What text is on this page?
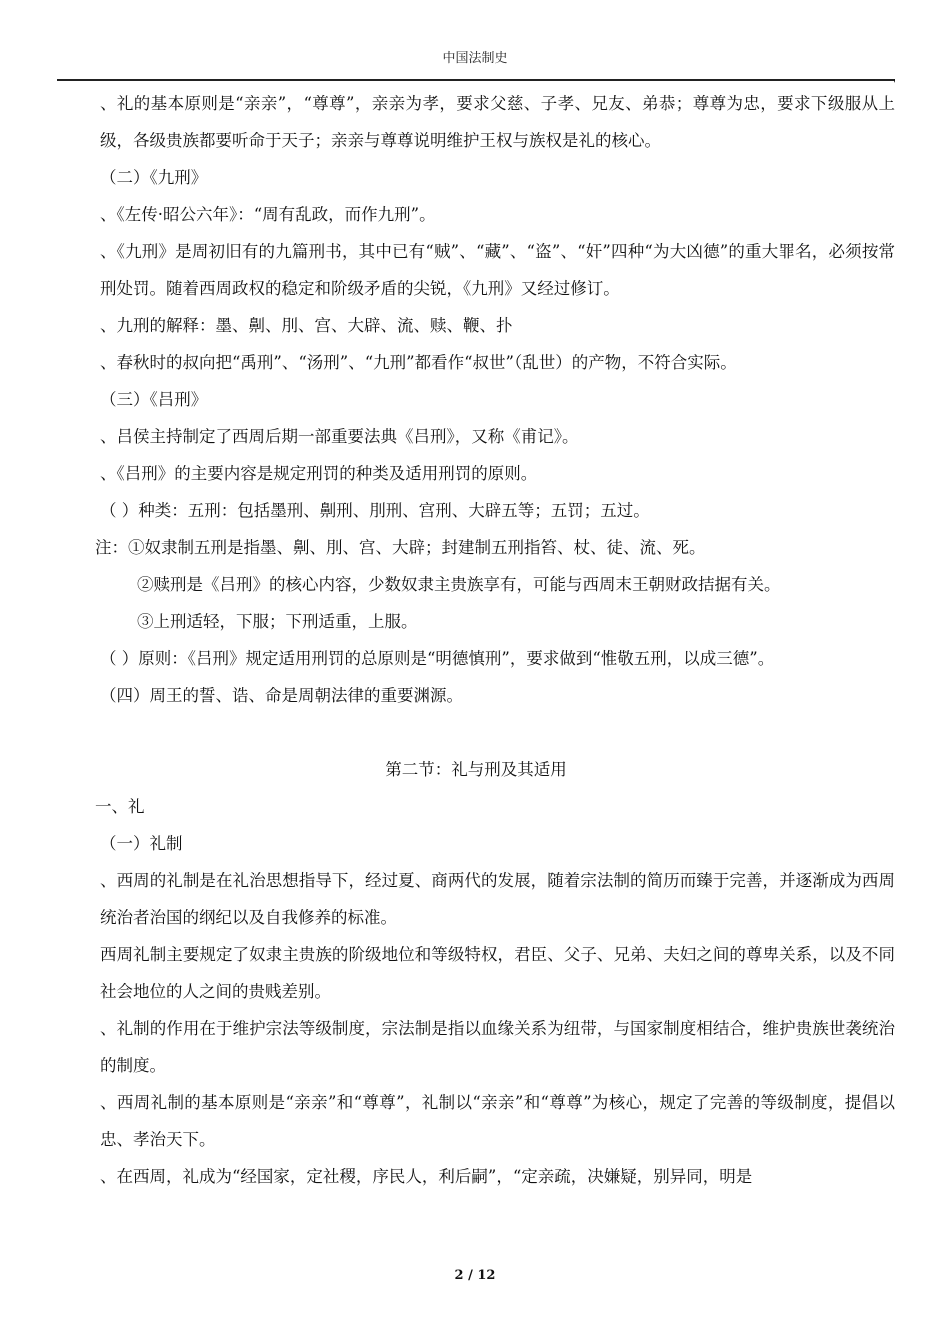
中国法制史
'

、礼的基本原则是“亲亲”，“尊尊”，亲亲为孝，要求父慈、子孝、兄友、弟恭；尊尊为忠，要求下级服从上级，各级贵族都要听命于天子；亲亲与尊尊说明维护王权与族权是礼的核心。

（二）《九刑》

、《左传·昭公六年》：“周有乱政，而作九刑”。

、《九刑》是周初旧有的九篇刑书，其中已有“贼”、“藏”、“盗”、“奸”四种“为大凶德”的重大罪名，必须按常刑处罚。随着西周政权的稳定和阶级矛盾的尖锐，《九刑》又经过修订。

、九刑的解释：墨、劓、刖、宫、大辟、流、赎、鞭、扑

、春秋时的叔向把“禹刑”、“汤刑”、“九刑”都看作“叔世”（乱世）的产物，不符合实际。

（三）《吕刑》

、吕侯主持制定了西周后期一部重要法典《吕刑》，又称《甫记》。

、《吕刑》的主要内容是规定刑罚的种类及适用刑罚的原则。

（ ）种类：五刑：包括墨刑、劓刑、刖刑、宫刑、大辟五等；五罚；五过。

注：①奴隶制五刑是指墨、劓、刖、宫、大辟；封建制五刑指笞、杖、徒、流、死。

②赎刑是《吕刑》的核心内容，少数奴隶主贵族享有，可能与西周末王朝财政拮据有关。

③上刑适轻，下服；下刑适重，上服。

（ ）原则：《吕刑》规定适用刑罚的总原则是“明德慎刑”，要求做到“惟敬五刑，以成三德”。

（四）周王的誓、诰、命是周朝法律的重要渊源。

第二节：礼与刑及其适用

一、礼

（一）礼制

、西周的礼制是在礼治思想指导下，经过夏、商两代的发展，随着宗法制的简历而臻于完善，并逐渐成为西周统治者治国的纲纪以及自我修养的标准。

西周礼制主要规定了奴隶主贵族的阶级地位和等级特权，君臣、父子、兄弟、夫妇之间的尊卑关系，以及不同社会地位的人之间的贵贱差别。

、礼制的作用在于维护宗法等级制度，宗法制是指以血缘关系为纽带，与国家制度相结合，维护贵族世袭统治的制度。

、西周礼制的基本原则是“亲亲”和“尊尊”，礼制以“亲亲”和“尊尊”为核心，规定了完善的等级制度，提倡以忠、孝治天下。

、在西周，礼成为“经国家，定社稷，序民人，利后嗣”，“定亲疏，决嫌疑，别异同，明是

2 / 12
